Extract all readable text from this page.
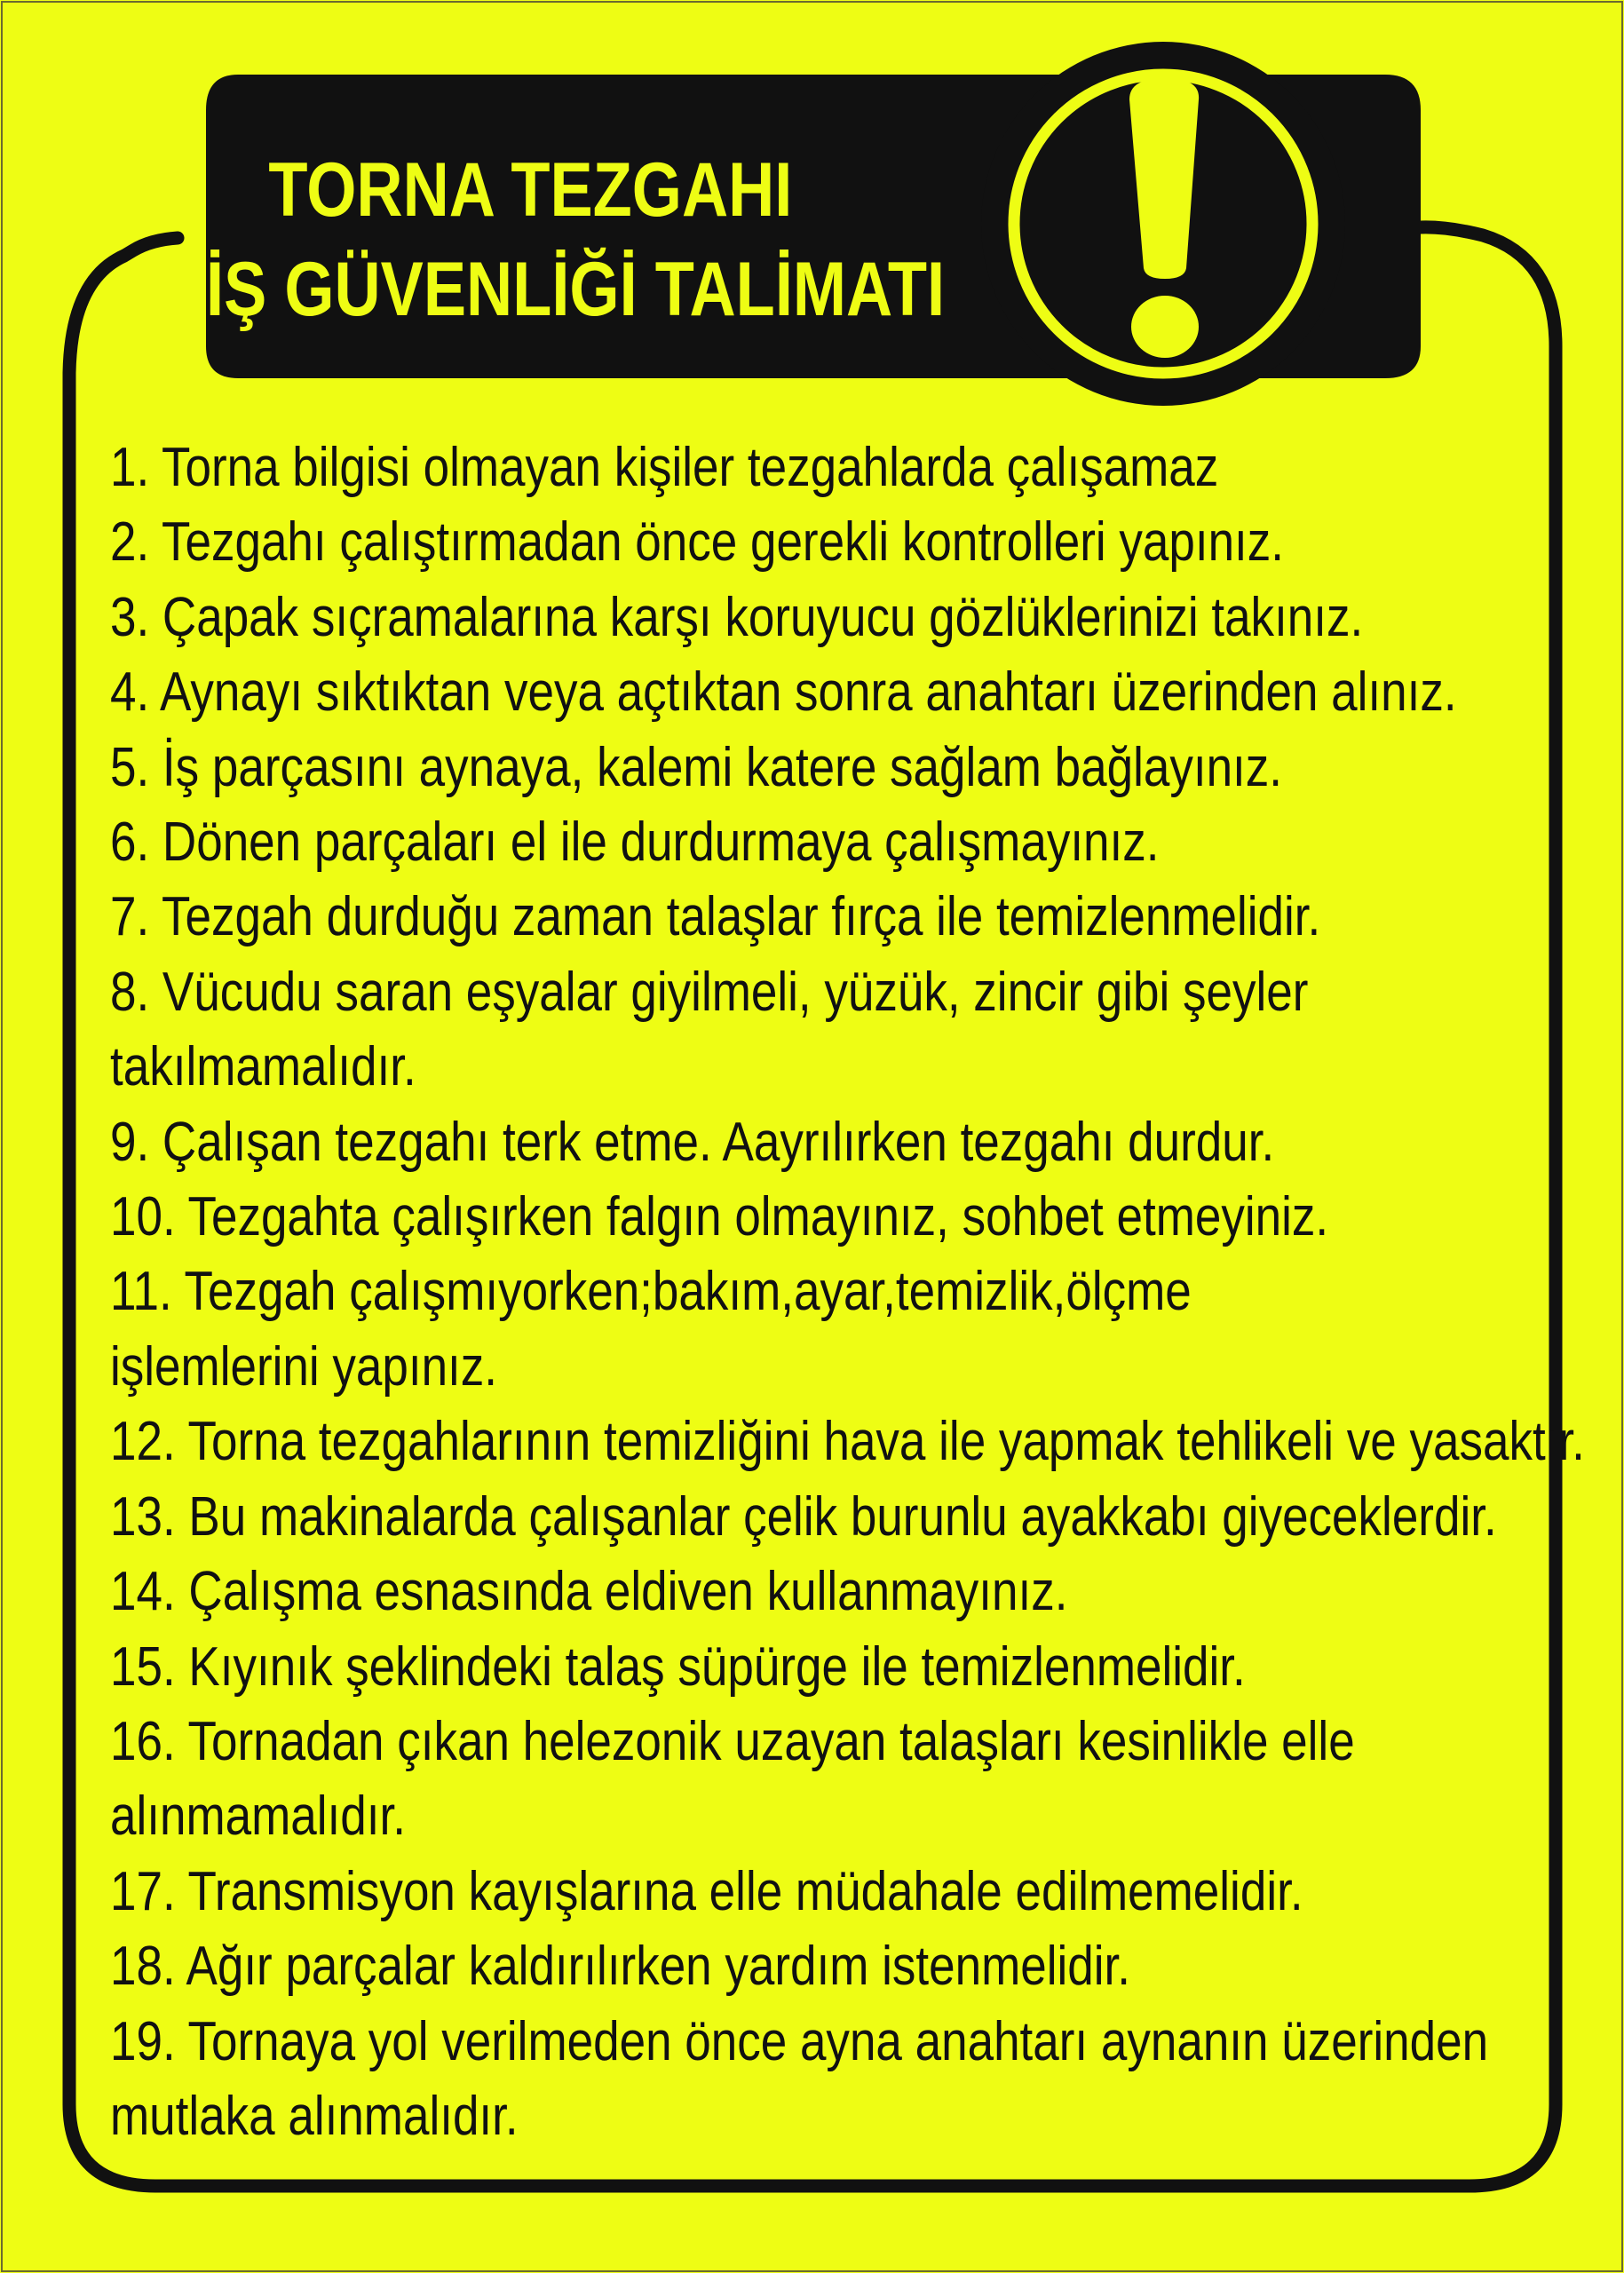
TORNA TEZGAHI
İŞ GÜVENLİĞİ TALİMATI
1. Torna bilgisi olmayan kişiler tezgahlarda çalışamaz
2. Tezgahı çalıştırmadan önce gerekli kontrolleri yapınız.
3. Çapak sıçramalarına karşı koruyucu gözlüklerinizi takınız.
4. Aynayı sıktıktan veya açtıktan sonra anahtarı üzerinden alınız.
5. İş parçasını aynaya, kalemi katere sağlam bağlayınız.
6. Dönen parçaları el ile durdurmaya çalışmayınız.
7. Tezgah durduğu zaman talaşlar fırça ile temizlenmelidir.
8. Vücudu saran eşyalar giyilmeli, yüzük, zincir gibi şeyler
takılmamalıdır.
9. Çalışan tezgahı terk etme. Aayrılırken tezgahı durdur.
10. Tezgahta çalışırken falgın olmayınız, sohbet etmeyiniz.
11. Tezgah çalışmıyorken;bakım,ayar,temizlik,ölçme
işlemlerini yapınız.
12. Torna tezgahlarının temizliğini hava ile yapmak tehlikeli ve yasaktır.
13. Bu makinalarda çalışanlar çelik burunlu ayakkabı giyeceklerdir.
14. Çalışma esnasında eldiven kullanmayınız.
15. Kıyınık şeklindeki talaş süpürge ile temizlenmelidir.
16. Tornadan çıkan helezonik uzayan talaşları kesinlikle elle
alınmamalıdır.
17. Transmisyon kayışlarına elle müdahale edilmemelidir.
18. Ağır parçalar kaldırılırken yardım istenmelidir.
19. Tornaya yol verilmeden önce ayna anahtarı aynanın üzerinden
mutlaka alınmalıdır.
